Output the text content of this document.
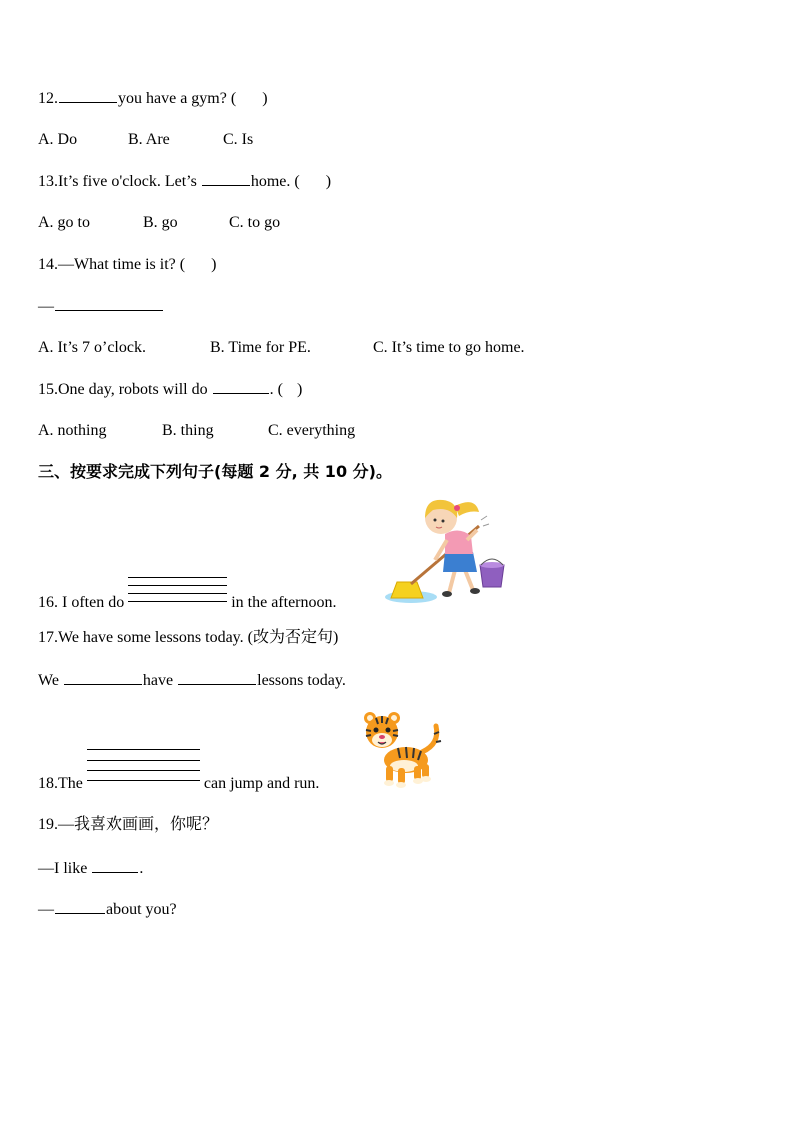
12.	you have a gym? ( )
A. Do	B. Are	C. Is
13.It’s five o'clock. Let’s	home. ( )
A. go to	B. go	C. to go
14.—What time is it? ( )
—
A. It’s 7 o’clock.	B. Time for PE.	C. It’s time to go home.
15.One day, robots will do	. ( )
A. nothing	B. thing	C. everything
三、按要求完成下列句子(每题 2 分, 共 10 分)。
16. I often do	in the afternoon.
17.We have some lessons today. (改为否定句)
We	have	lessons today.
18.The	can jump and run.
19.—我喜欢画画，你呢？
—I like	.
—	about you?
